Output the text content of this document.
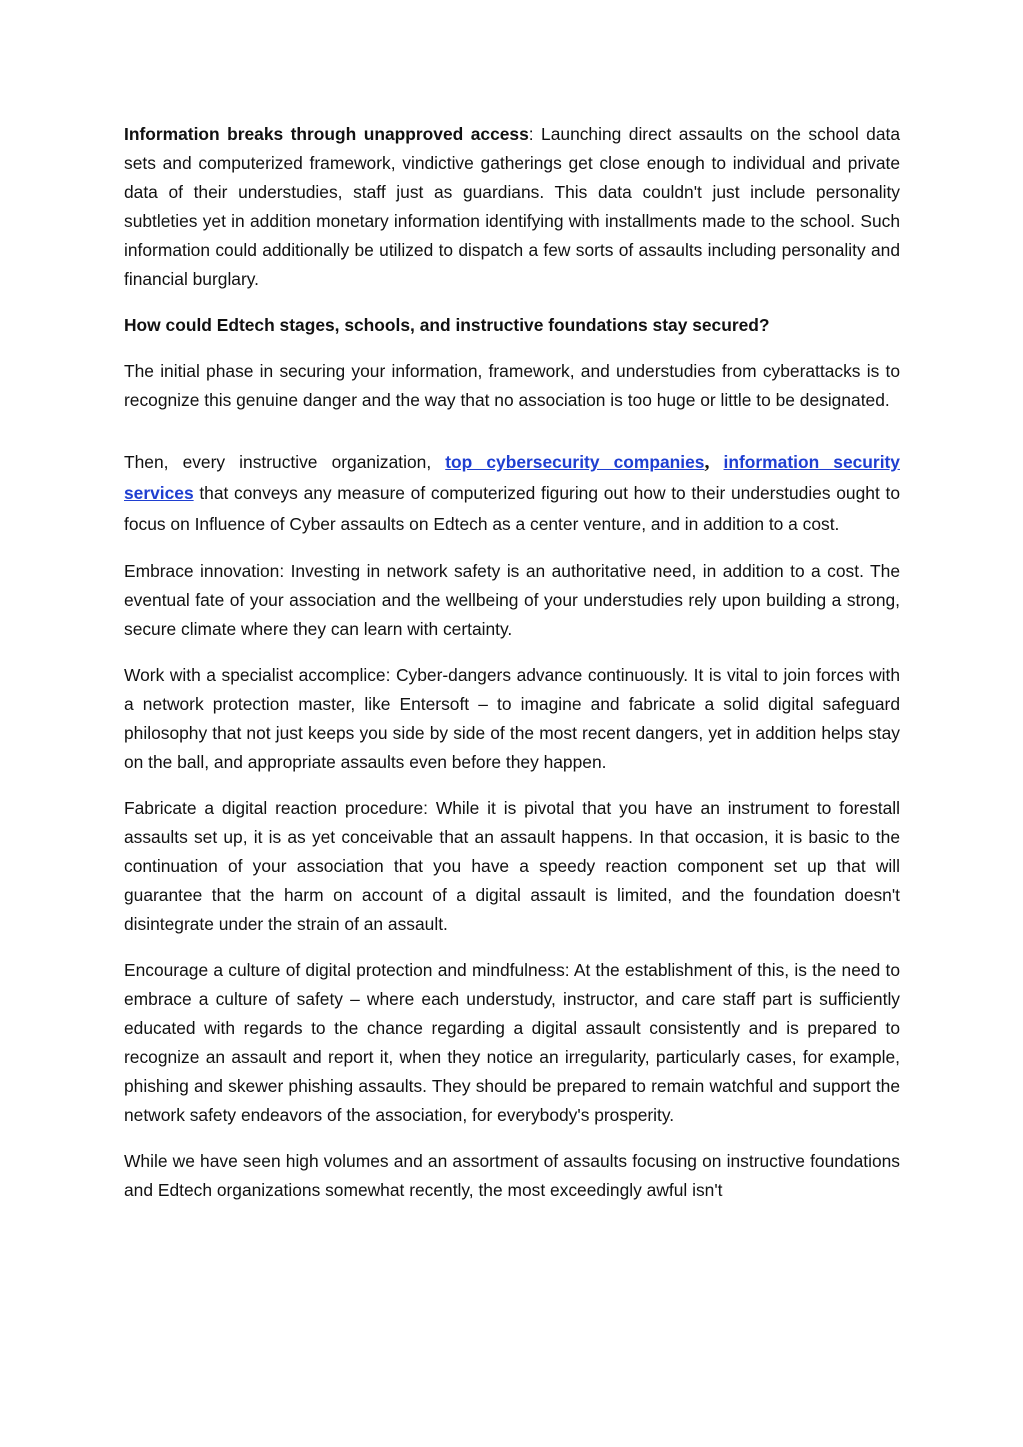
Information breaks through unapproved access: Launching direct assaults on the school data sets and computerized framework, vindictive gatherings get close enough to individual and private data of their understudies, staff just as guardians. This data couldn't just include personality subtleties yet in addition monetary information identifying with installments made to the school. Such information could additionally be utilized to dispatch a few sorts of assaults including personality and financial burglary.

How could Edtech stages, schools, and instructive foundations stay secured?

The initial phase in securing your information, framework, and understudies from cyberattacks is to recognize this genuine danger and the way that no association is too huge or little to be designated.

Then, every instructive organization, top cybersecurity companies, information security services that conveys any measure of computerized figuring out how to their understudies ought to focus on Influence of Cyber assaults on Edtech as a center venture, and in addition to a cost.

Embrace innovation: Investing in network safety is an authoritative need, in addition to a cost. The eventual fate of your association and the wellbeing of your understudies rely upon building a strong, secure climate where they can learn with certainty.

Work with a specialist accomplice: Cyber-dangers advance continuously. It is vital to join forces with a network protection master, like Entersoft – to imagine and fabricate a solid digital safeguard philosophy that not just keeps you side by side of the most recent dangers, yet in addition helps stay on the ball, and appropriate assaults even before they happen.

Fabricate a digital reaction procedure: While it is pivotal that you have an instrument to forestall assaults set up, it is as yet conceivable that an assault happens. In that occasion, it is basic to the continuation of your association that you have a speedy reaction component set up that will guarantee that the harm on account of a digital assault is limited, and the foundation doesn't disintegrate under the strain of an assault.

Encourage a culture of digital protection and mindfulness: At the establishment of this, is the need to embrace a culture of safety – where each understudy, instructor, and care staff part is sufficiently educated with regards to the chance regarding a digital assault consistently and is prepared to recognize an assault and report it, when they notice an irregularity, particularly cases, for example, phishing and skewer phishing assaults. They should be prepared to remain watchful and support the network safety endeavors of the association, for everybody's prosperity.

While we have seen high volumes and an assortment of assaults focusing on instructive foundations and Edtech organizations somewhat recently, the most exceedingly awful isn't
